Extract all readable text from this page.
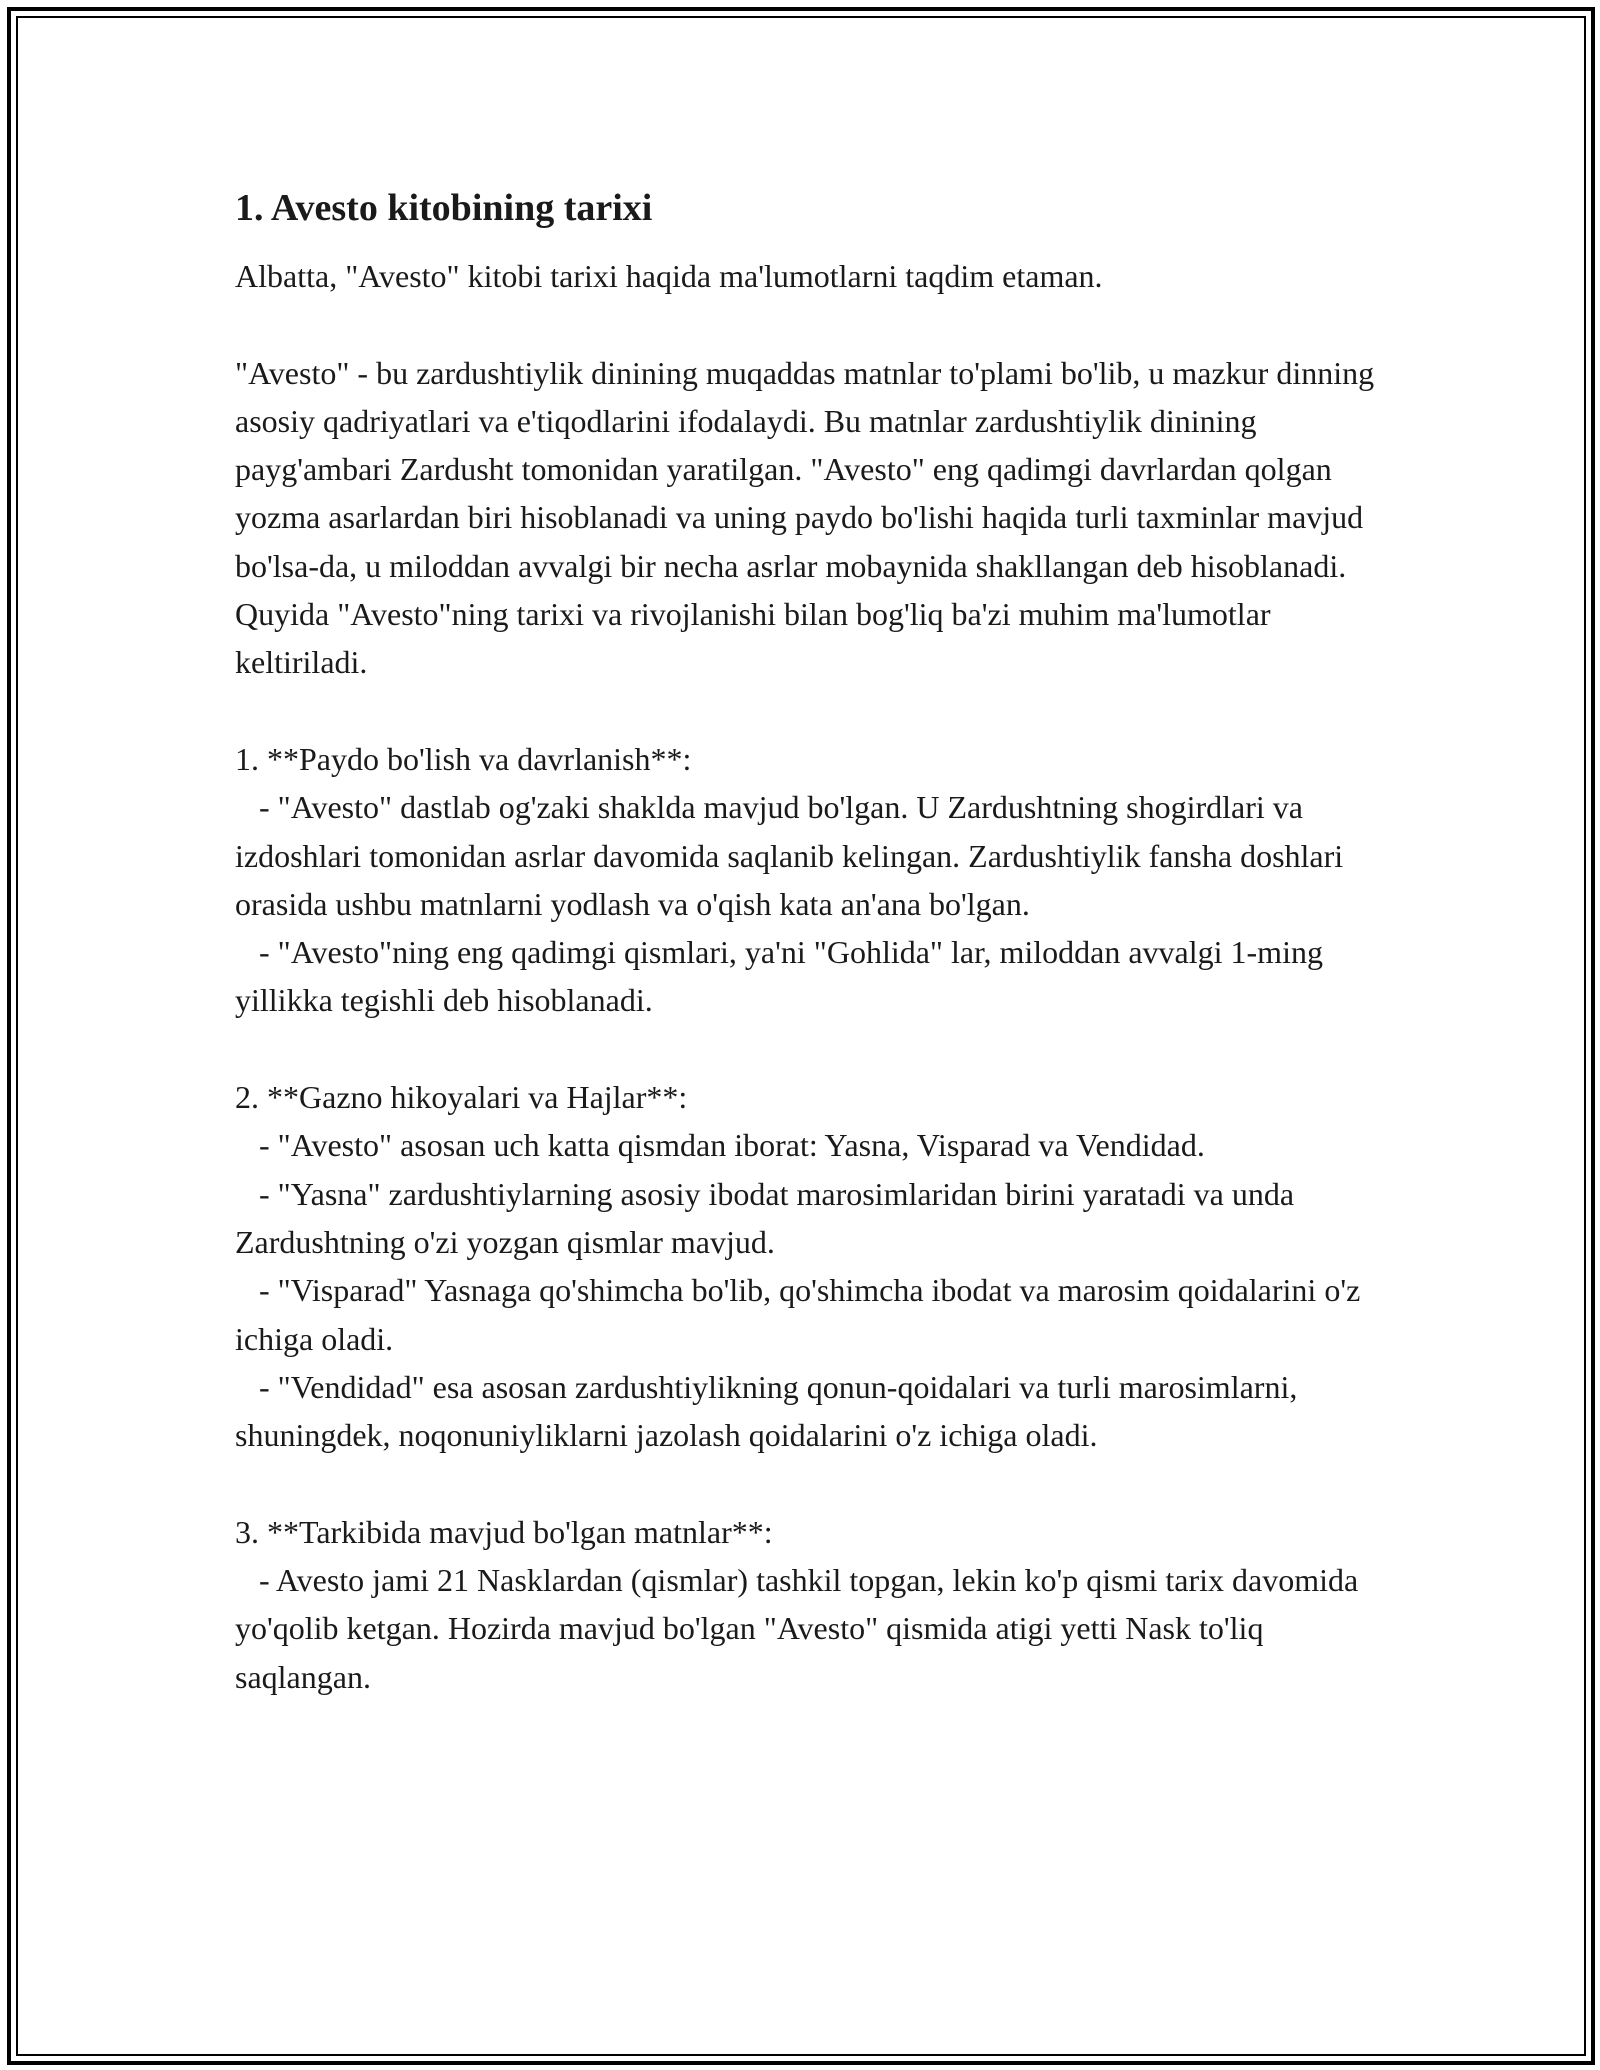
1. Avesto kitobining tarixi

Albatta, "Avesto" kitobi tarixi haqida ma'lumotlarni taqdim etaman.

"Avesto" - bu zardushtiylik dinining muqaddas matnlar to'plami bo'lib, u mazkur dinning asosiy qadriyatlari va e'tiqodlarini ifodalaydi. Bu matnlar zardushtiylik dinining payg'ambari Zardusht tomonidan yaratilgan. "Avesto" eng qadimgi davrlardan qolgan yozma asarlardan biri hisoblanadi va uning paydo bo'lishi haqida turli taxminlar mavjud bo'lsa-da, u miloddan avvalgi bir necha asrlar mobaynida shakllangan deb hisoblanadi. Quyida "Avesto"ning tarixi va rivojlanishi bilan bog'liq ba'zi muhim ma'lumotlar keltiriladi.

1. **Paydo bo'lish va davrlanish**:

- "Avesto" dastlab og'zaki shaklda mavjud bo'lgan. U Zardushtning shogirdlari va izdoshlari tomonidan asrlar davomida saqlanib kelingan. Zardushtiylik fansha doshlari orasida ushbu matnlarni yodlash va o'qish kata an'ana bo'lgan.

- "Avesto"ning eng qadimgi qismlari, ya'ni "Gohlida" lar, miloddan avvalgi 1-ming yillikka tegishli deb hisoblanadi.

2. **Gazno hikoyalari va Hajlar**:

- "Avesto" asosan uch katta qismdan iborat: Yasna, Visparad va Vendidad.

- "Yasna" zardushtiylarning asosiy ibodat marosimlaridan birini yaratadi va unda Zardushtning o'zi yozgan qismlar mavjud.

- "Visparad" Yasnaga qo'shimcha bo'lib, qo'shimcha ibodat va marosim qoidalarini o'z ichiga oladi.

- "Vendidad" esa asosan zardushtiylikning qonun-qoidalari va turli marosimlarni, shuningdek, noqonuniyliklarni jazolash qoidalarini o'z ichiga oladi.

3. **Tarkibida mavjud bo'lgan matnlar**:

- Avesto jami 21 Nasklardan (qismlar) tashkil topgan, lekin ko'p qismi tarix davomida yo'qolib ketgan. Hozirda mavjud bo'lgan "Avesto" qismida atigi yetti Nask to'liq saqlangan.
